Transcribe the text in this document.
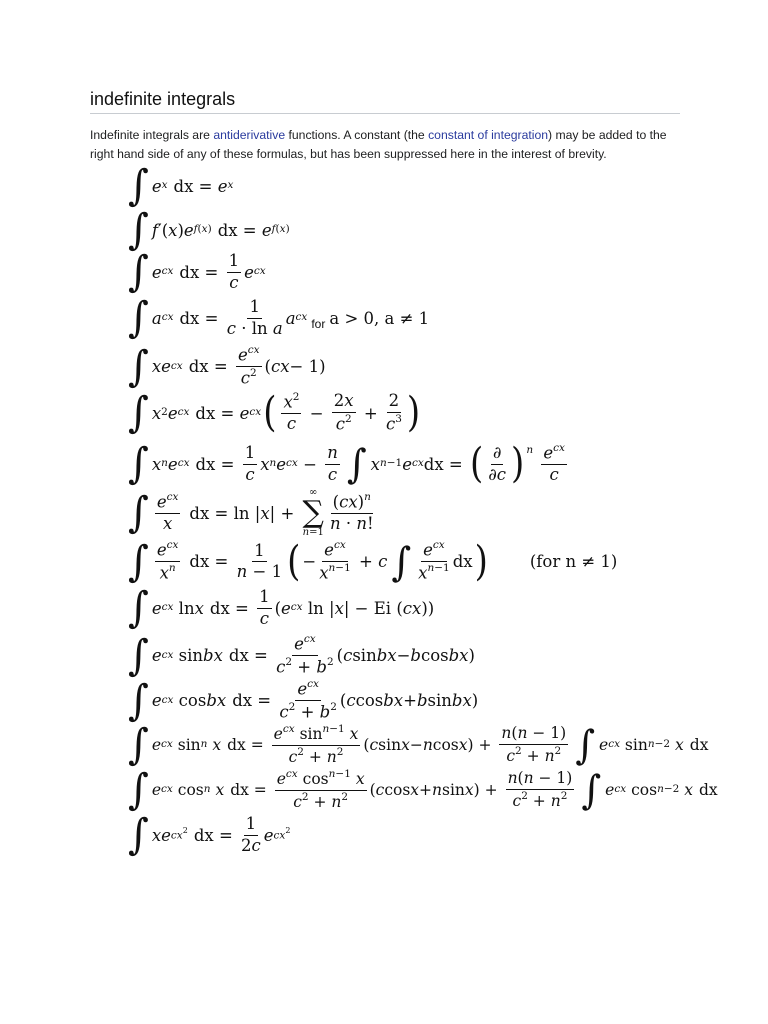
indefinite integrals
Indefinite integrals are antiderivative functions. A constant (the constant of integration) may be added to the right hand side of any of these formulas, but has been suppressed here in the interest of brevity.
∫ $e^x$ dx = $e^x$
∫ f ′( x ) e $^{f(x)}$ dx = e $^{f(x)}$
∫ $e^{cx}$ dx = $\frac{1}{c} e^{cx}$
∫ $a^{cx}$ dx = $\frac{1}{\text{c · ln a}} a^{cx}$ for a > 0, a ≠ 1
∫ $xe^{cx}$ dx = $\frac{e^{cx}}{c^2}$ ( cx − 1)
∫ $x^2$ $e^{cx}$ dx = $e^{cx}$ ( $\frac{x^2}{c} - \frac{2x}{c^2} + \frac{2}{c^3}$ )
∫ $x^n$ $e^{cx}$ dx = $\frac{1}{c} x^n$ $e^{cx} - \frac{n}{c}$ ∫ x $^{n-1}$ $e^{cx}$ dx = ( $\frac{\partial}{\partial c} )^n$
$\frac{e^{cx}}{c}$
∫ $\frac{e^{cx}}{x}$ dx = ln | x | +
∞
∑
$n=1 \frac{(cx)^n}{n \cdot n!}$
∫ $\frac{e^{cx}}{x^n}$ dx = $\frac{1}{n - 1}$ ( − $\frac{e^{cx}}{x^{n-1}} + c$ ∫ $\frac{e^{cx}}{x^{n-1}}$ dx )	(for n ≠ 1)
∫ $e^{cx}$ ln x dx = $\frac{1}{c}$ ( $e^{cx}$ ln | x | − Ei ( cx ))
∫ $e^{cx}$ sin bx dx = $\frac{e^{cx}}{c^2 + b^2}$ ( c sin bx − b cos bx )
∫ $e^{cx}$ cos bx dx = $\frac{e^{cx}}{c^2 + b^2}$ ( c cos bx + b sin bx )
∫ $e^{cx}$ $\sin^n$
x dx = $\frac{e^{cx} \sin^{n-1} x}{c^2 + n^2}$ ( c sin x − n cos x ) + $\frac{n(n - 1)}{c^2 + n^2}$ ∫ $e^{cx}$ sin $^{n-2}$
x dx
∫ $e^{cx}$ $\cos^n$
x dx = $\frac{e^{cx} \cos^{n-1} x}{c^2 + n^2}$ ( c cos x + n sin x ) + $\frac{n(n - 1)}{c^2 + n^2}$ ∫ $e^{cx}$ cos $^{n-2}$
x dx
∫ xe $^{cx^2}$ dx = $\frac{1}{2c}$ e $^{cx^2}$
